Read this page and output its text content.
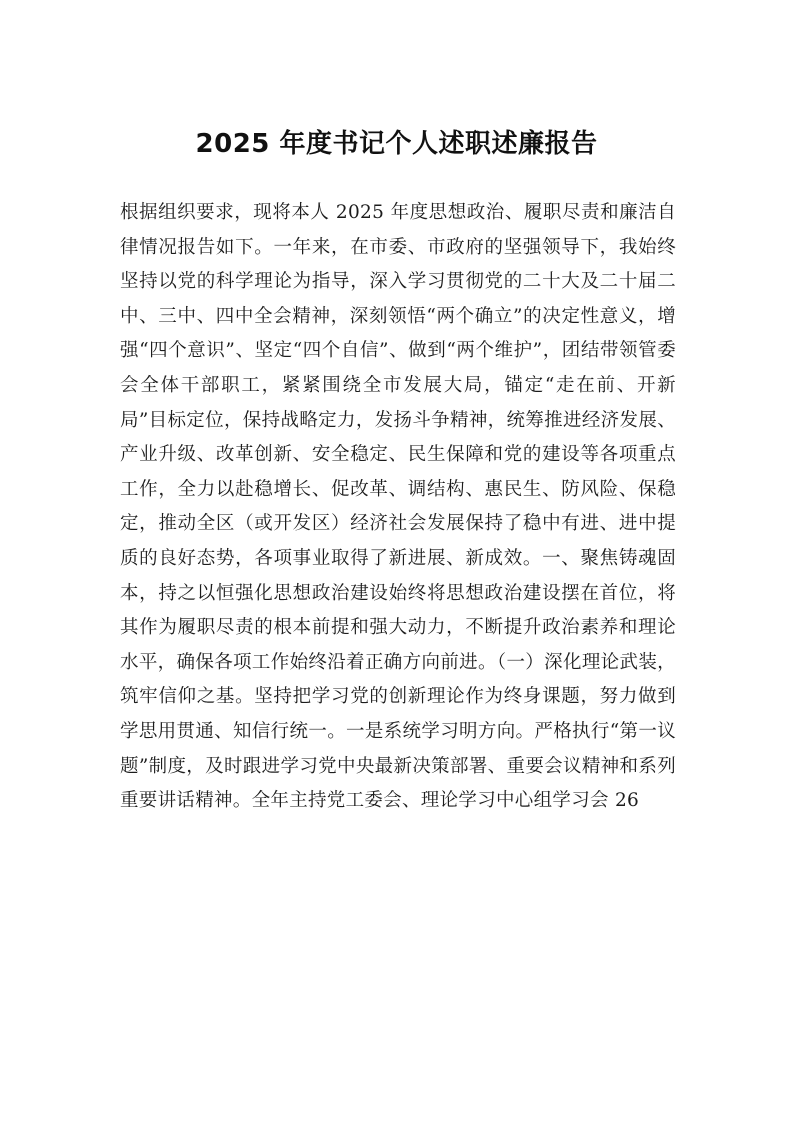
2025 年度书记个人述职述廉报告

根据组织要求，现将本人 2025 年度思想政治、履职尽责和廉洁自律情况报告如下。一年来，在市委、市政府的坚强领导下，我始终坚持以党的科学理论为指导，深入学习贯彻党的二十大及二十届二中、三中、四中全会精神，深刻领悟“两个确立”的决定性意义，增强“四个意识”、坚定“四个自信”、做到“两个维护”，团结带领管委会全体干部职工，紧紧围绕全市发展大局，锚定“走在前、开新局”目标定位，保持战略定力，发扬斗争精神，统筹推进经济发展、产业升级、改革创新、安全稳定、民生保障和党的建设等各项重点工作，全力以赴稳增长、促改革、调结构、惠民生、防风险、保稳定，推动全区（或开发区）经济社会发展保持了稳中有进、进中提质的良好态势，各项事业取得了新进展、新成效。一、聚焦铸魂固本，持之以恒强化思想政治建设始终将思想政治建设摆在首位，将其作为履职尽责的根本前提和强大动力，不断提升政治素养和理论水平，确保各项工作始终沿着正确方向前进。（一）深化理论武装，筑牢信仰之基。坚持把学习党的创新理论作为终身课题，努力做到学思用贯通、知信行统一。一是系统学习明方向。严格执行“第一议题”制度，及时跟进学习党中央最新决策部署、重要会议精神和系列重要讲话精神。全年主持党工委会、理论学习中心组学习会 26
